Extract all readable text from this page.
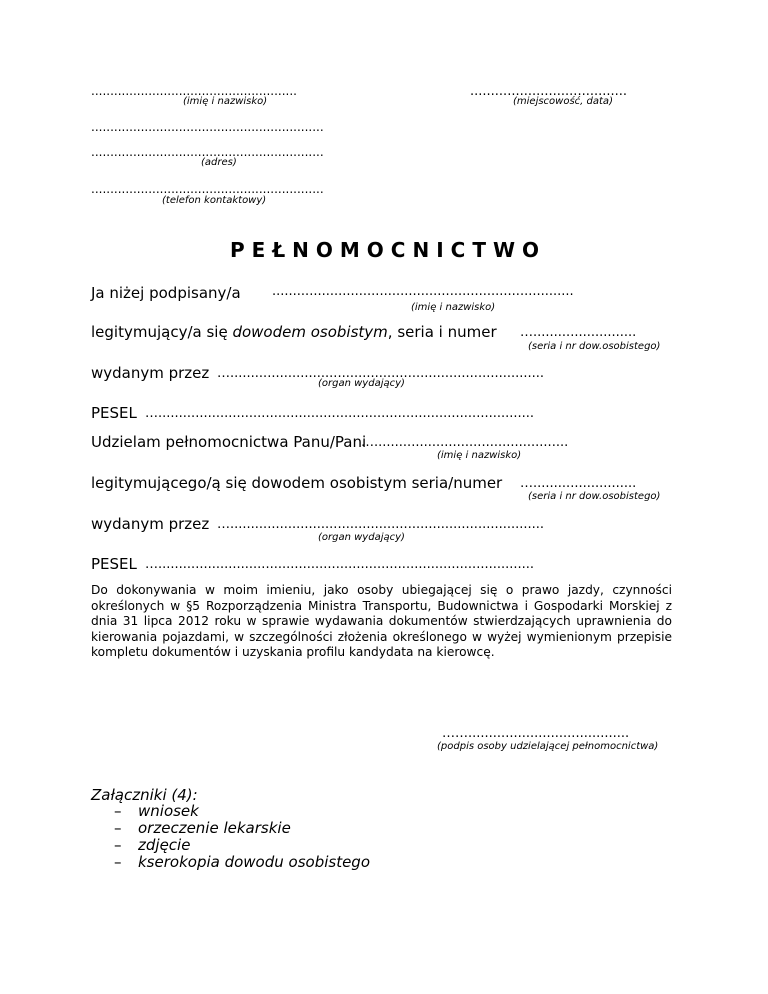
......................................................
(imię i nazwisko)
......................................
(miejscowość, data)
.............................................................
.............................................................
(adres)
.............................................................
(telefon kontaktowy)
PEŁNOMOCNICTWO
Ja niżej podpisany/a .........................................................................
(imię i nazwisko)
legitymujący/a się dowodem osobistym, seria i numer ….........................
(seria i nr dow.osobistego)
wydanym przez …............................................................................
(organ wydający)
PESEL …...........................................................................................
Udzielam pełnomocnictwa Panu/Pani
…...............................................
(imię i nazwisko)
legitymującego/ą się dowodem osobistym seria/numer ….........................
(seria i nr dow.osobistego)
wydanym przez …............................................................................
(organ wydający)
PESEL …...........................................................................................
Do dokonywania w moim imieniu, jako osoby ubiegającej się o prawo jazdy, czynności określonych w §5 Rozporządzenia Ministra Transportu, Budownictwa i Gospodarki Morskiej z dnia 31 lipca 2012 roku w sprawie wydawania dokumentów stwierdzających uprawnienia do kierowania pojazdami, w szczególności złożenia określonego w wyżej wymienionym przepisie kompletu dokumentów i uzyskania profilu kandydata na kierowcę.
…….......................................
(podpis osoby udzielającej pełnomocnictwa)
Załączniki (4):
– wniosek
– orzeczenie lekarskie
– zdjęcie
– kserokopia dowodu osobistego
